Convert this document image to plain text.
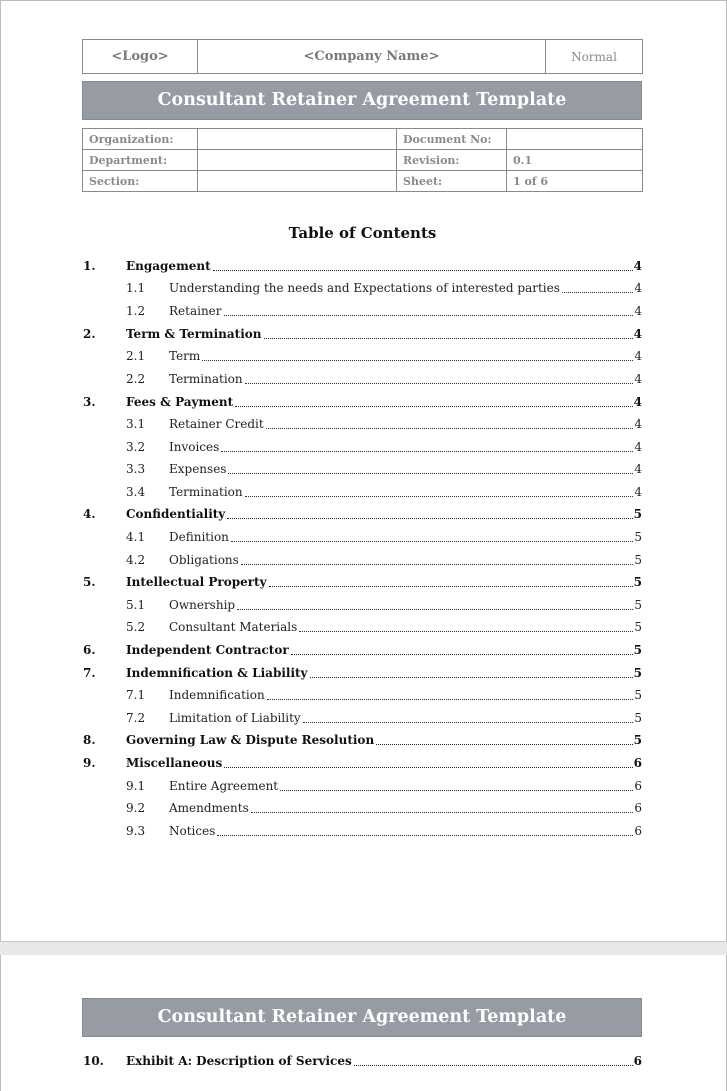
<Logo>	<Company Name>	Normal
Consultant Retainer Agreement Template
Organization:		Document No:	
Department:		Revision:	0.1
Section:		Sheet:	1 of 6
Table of Contents
1.	Engagement	4
1.1	Understanding the needs and Expectations of interested parties	4
1.2	Retainer	4
2.	Term & Termination	4
2.1	Term	4
2.2	Termination	4
3.	Fees & Payment	4
3.1	Retainer Credit	4
3.2	Invoices	4
3.3	Expenses	4
3.4	Termination	4
4.	Confidentiality	5
4.1	Definition	5
4.2	Obligations	5
5.	Intellectual Property	5
5.1	Ownership	5
5.2	Consultant Materials	5
6.	Independent Contractor	5
7.	Indemnification & Liability	5
7.1	Indemnification	5
7.2	Limitation of Liability	5
8.	Governing Law & Dispute Resolution	5
9.	Miscellaneous	6
9.1	Entire Agreement	6
9.2	Amendments	6
9.3	Notices	6
Consultant Retainer Agreement Template
10.	Exhibit A: Description of Services	6
